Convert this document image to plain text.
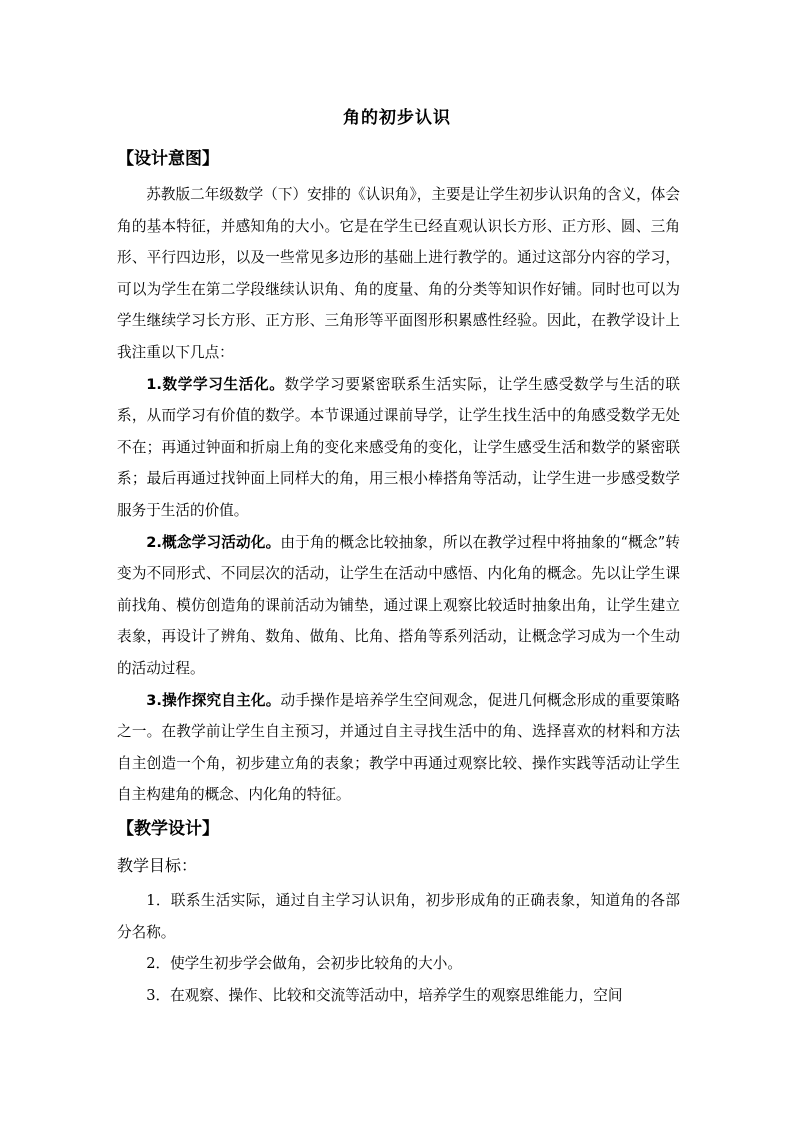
角的初步认识
【设计意图】

苏教版二年级数学（下）安排的《认识角》，主要是让学生初步认识角的含义，体会角的基本特征，并感知角的大小。它是在学生已经直观认识长方形、正方形、圆、三角形、平行四边形，以及一些常见多边形的基础上进行教学的。通过这部分内容的学习，可以为学生在第二学段继续认识角、角的度量、角的分类等知识作好铺。同时也可以为学生继续学习长方形、正方形、三角形等平面图形积累感性经验。因此，在教学设计上我注重以下几点：

1.数学学习生活化。数学学习要紧密联系生活实际，让学生感受数学与生活的联系，从而学习有价值的数学。本节课通过课前导学，让学生找生活中的角感受数学无处不在；再通过钟面和折扇上角的变化来感受角的变化，让学生感受生活和数学的紧密联系；最后再通过找钟面上同样大的角，用三根小棒搭角等活动，让学生进一步感受数学服务于生活的价值。

2.概念学习活动化。由于角的概念比较抽象，所以在教学过程中将抽象的“概念”转变为不同形式、不同层次的活动，让学生在活动中感悟、内化角的概念。先以让学生课前找角、模仿创造角的课前活动为铺垫，通过课上观察比较适时抽象出角，让学生建立表象，再设计了辨角、数角、做角、比角、搭角等系列活动，让概念学习成为一个生动的活动过程。

3.操作探究自主化。动手操作是培养学生空间观念，促进几何概念形成的重要策略之一。在教学前让学生自主预习，并通过自主寻找生活中的角、选择喜欢的材料和方法自主创造一个角，初步建立角的表象；教学中再通过观察比较、操作实践等活动让学生自主构建角的概念、内化角的特征。

【教学设计】
教学目标：

1．联系生活实际，通过自主学习认识角，初步形成角的正确表象，知道角的各部分名称。

2．使学生初步学会做角，会初步比较角的大小。

3．在观察、操作、比较和交流等活动中，培养学生的观察思维能力，空间
